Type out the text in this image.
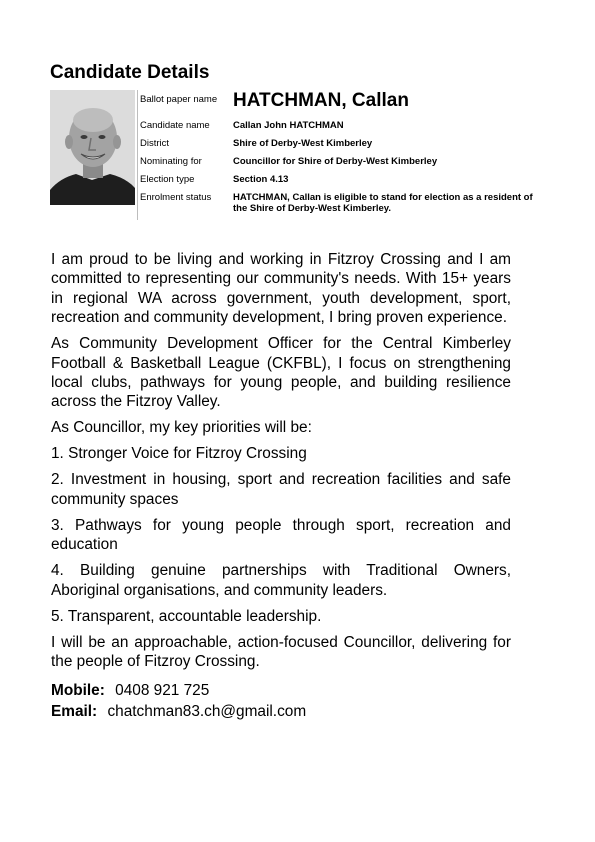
Candidate Details
Ballot paper name HATCHMAN, Callan
Candidate name	Callan John HATCHMAN
District	Shire of Derby-West Kimberley
Nominating for	Councillor for Shire of Derby-West Kimberley
Election type	Section 4.13
Enrolment status	HATCHMAN, Callan is eligible to stand for election as a resident of the Shire of Derby-West Kimberley.

I am proud to be living and working in Fitzroy Crossing and I am committed to representing our community's needs. With 15+ years in regional WA across government, youth development, sport, recreation and community development, I bring proven experience.

As Community Development Officer for the Central Kimberley Football & Basketball League (CKFBL), I focus on strengthening local clubs, pathways for young people, and building resilience across the Fitzroy Valley.

As Councillor, my key priorities will be:

1. Stronger Voice for Fitzroy Crossing

2. Investment in housing, sport and recreation facilities and safe community spaces

3. Pathways for young people through sport, recreation and education

4. Building genuine partnerships with Traditional Owners, Aboriginal organisations, and community leaders.

5. Transparent, accountable leadership.

I will be an approachable, action-focused Councillor, delivering for the people of Fitzroy Crossing.

Mobile: 0408 921 725
Email: chatchman83.ch@gmail.com
